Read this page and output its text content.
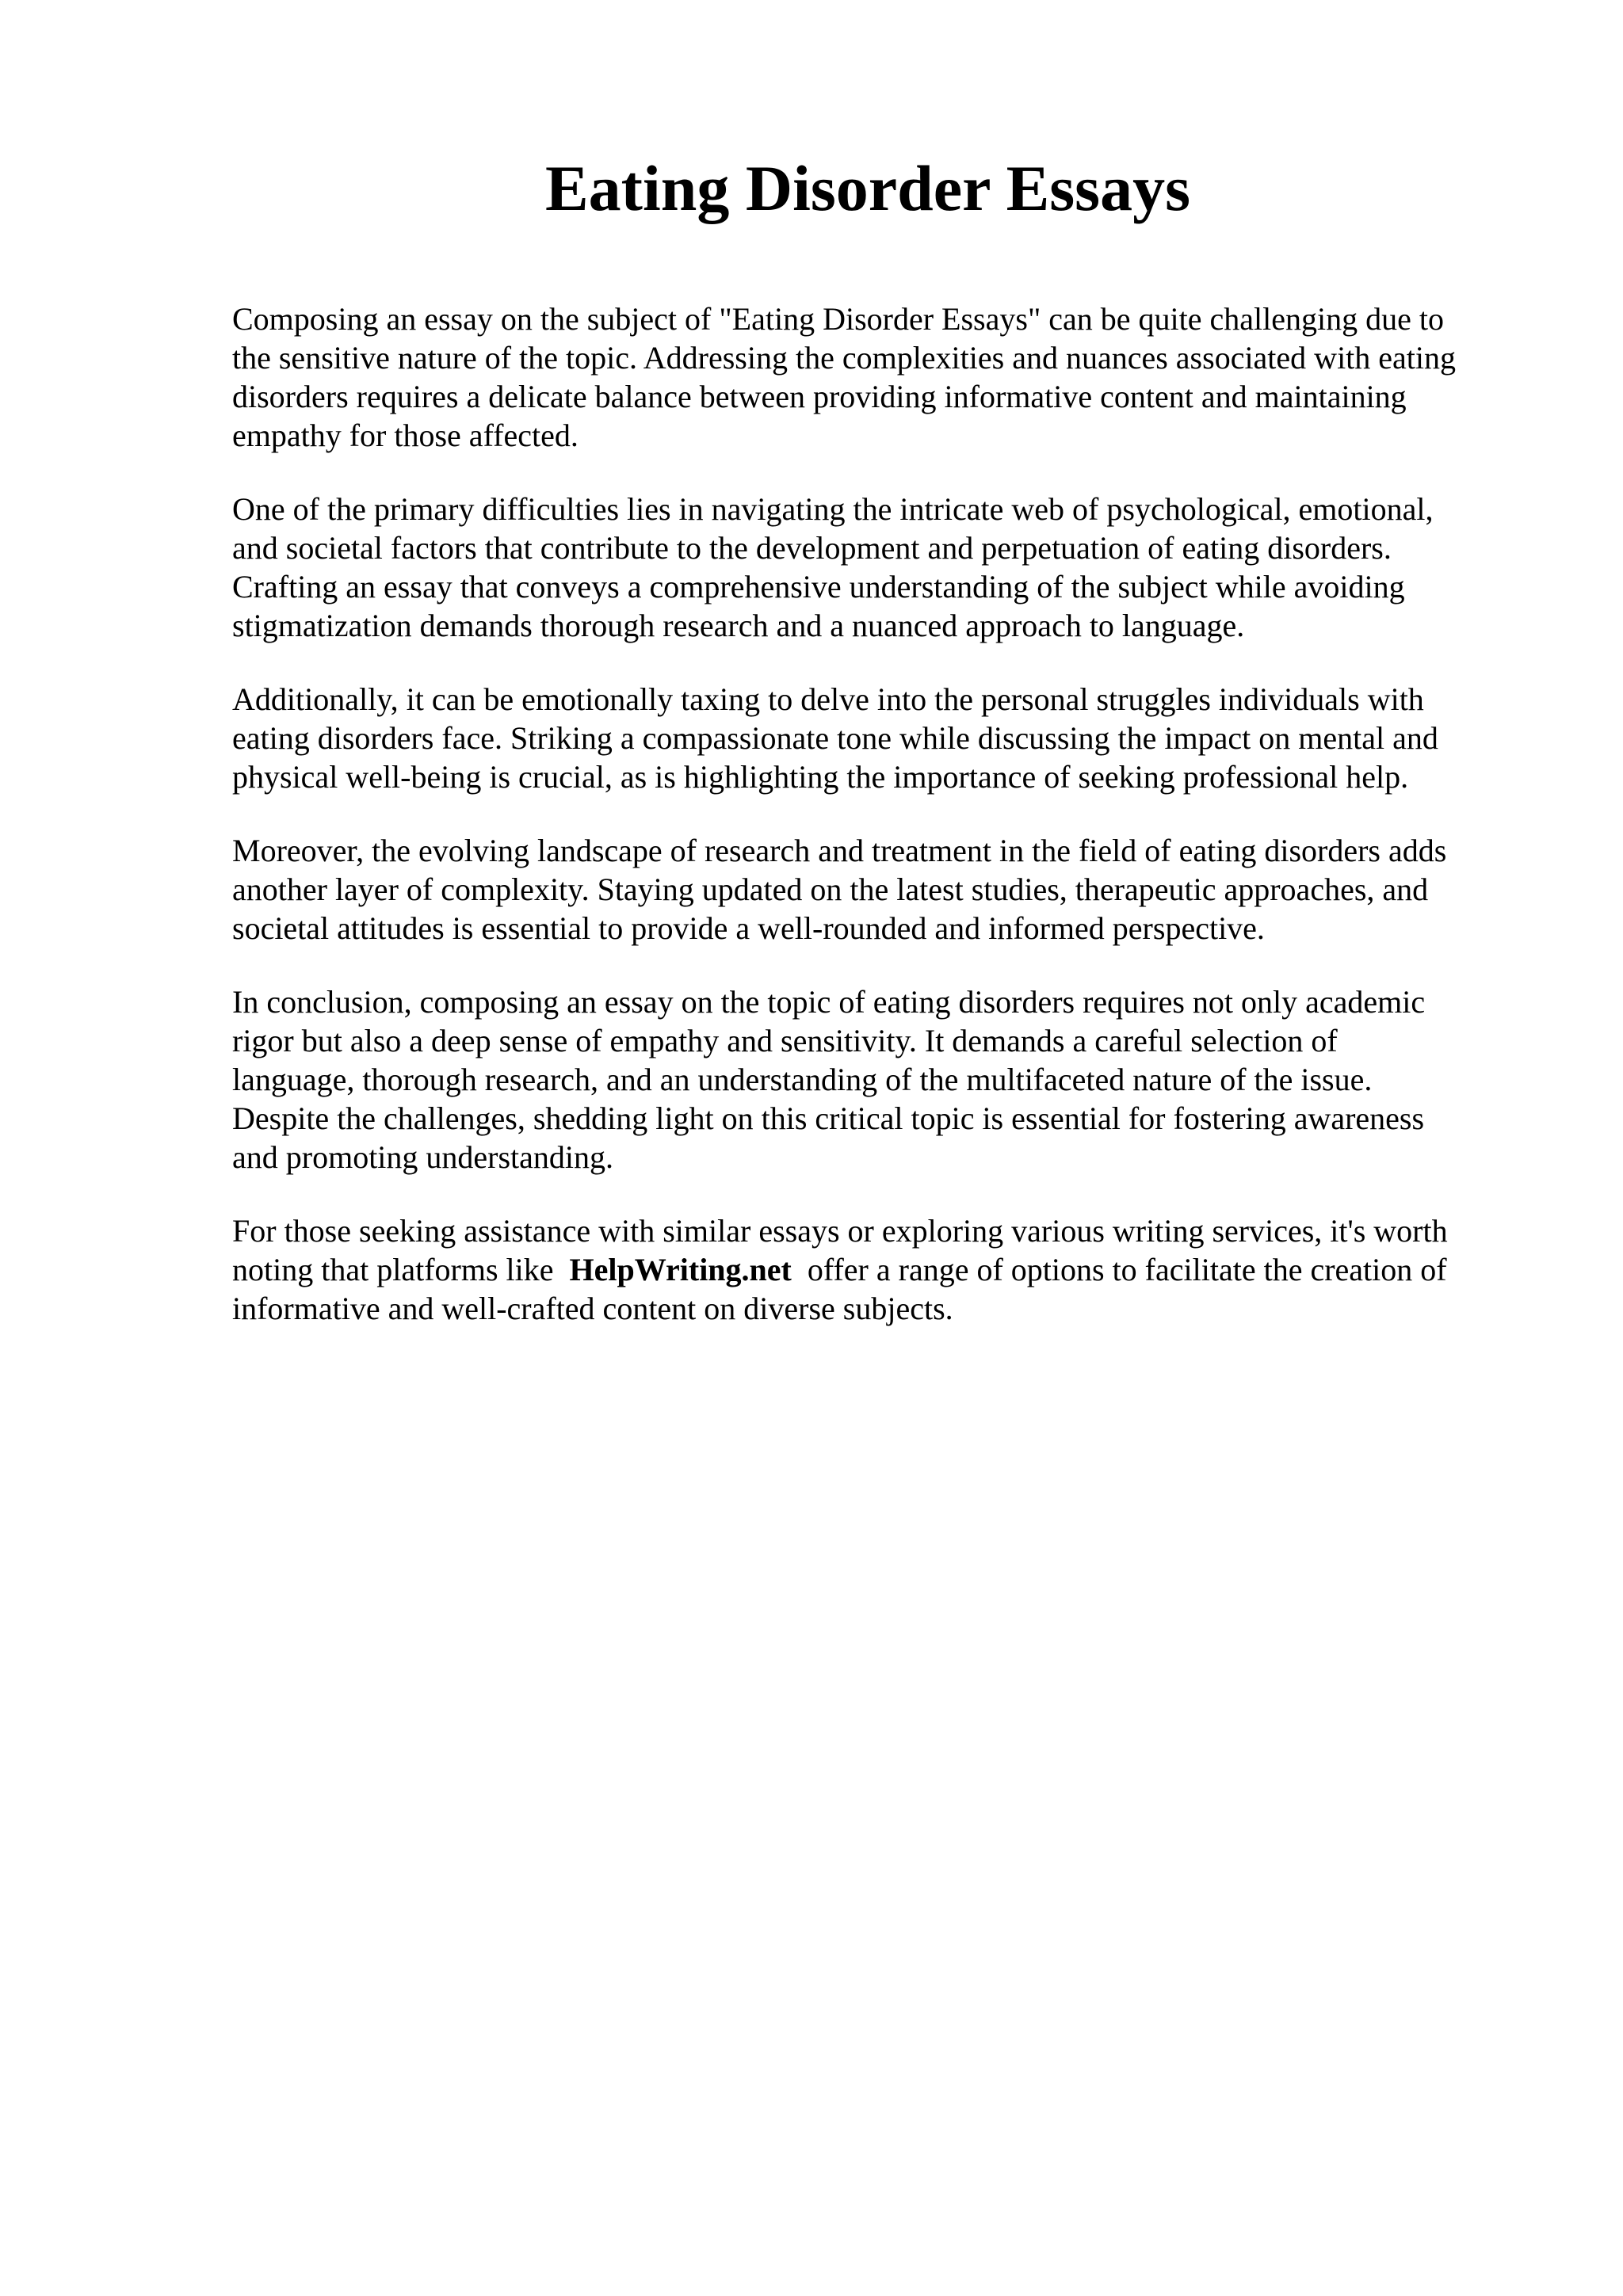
Eating Disorder Essays

Composing an essay on the subject of "Eating Disorder Essays" can be quite challenging due to
the sensitive nature of the topic. Addressing the complexities and nuances associated with eating
disorders requires a delicate balance between providing informative content and maintaining
empathy for those affected.

One of the primary difficulties lies in navigating the intricate web of psychological, emotional,
and societal factors that contribute to the development and perpetuation of eating disorders.
Crafting an essay that conveys a comprehensive understanding of the subject while avoiding
stigmatization demands thorough research and a nuanced approach to language.

Additionally, it can be emotionally taxing to delve into the personal struggles individuals with
eating disorders face. Striking a compassionate tone while discussing the impact on mental and
physical well-being is crucial, as is highlighting the importance of seeking professional help.

Moreover, the evolving landscape of research and treatment in the field of eating disorders adds
another layer of complexity. Staying updated on the latest studies, therapeutic approaches, and
societal attitudes is essential to provide a well-rounded and informed perspective.

In conclusion, composing an essay on the topic of eating disorders requires not only academic
rigor but also a deep sense of empathy and sensitivity. It demands a careful selection of
language, thorough research, and an understanding of the multifaceted nature of the issue.
Despite the challenges, shedding light on this critical topic is essential for fostering awareness
and promoting understanding.

For those seeking assistance with similar essays or exploring various writing services, it's worth
noting that platforms like HelpWriting.net offer a range of options to facilitate the creation of
informative and well-crafted content on diverse subjects.
